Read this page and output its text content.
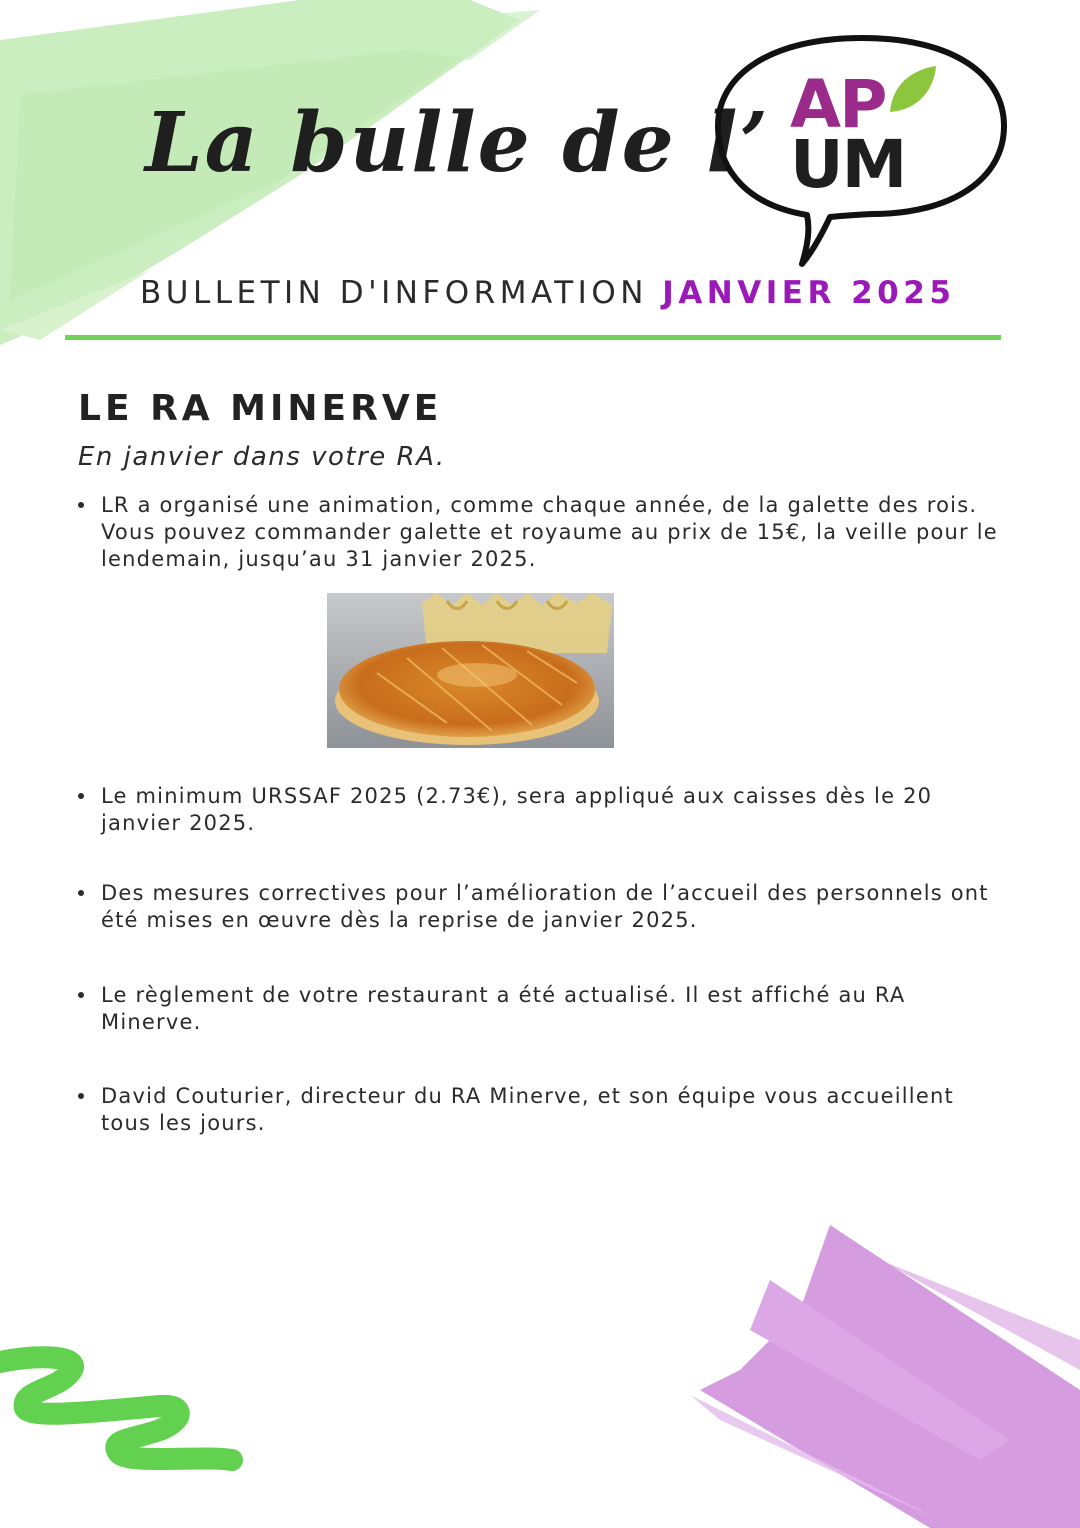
La bulle de l’ AP
UM
BULLETIN D'INFORMATION JANVIER 2025
LE RA MINERVE

En janvier dans votre RA.

LR a organisé une animation, comme chaque année, de la galette des rois. Vous pouvez commander galette et royaume au prix de 15€, la veille pour le lendemain, jusqu’au 31 janvier 2025.

Le minimum URSSAF 2025 (2.73€), sera appliqué aux caisses dès le 20 janvier 2025.

Des mesures correctives pour l’amélioration de l’accueil des personnels ont été mises en œuvre dès la reprise de janvier 2025.

Le règlement de votre restaurant a été actualisé. Il est affiché au RA Minerve.

David Couturier, directeur du RA Minerve, et son équipe vous accueillent tous les jours.
